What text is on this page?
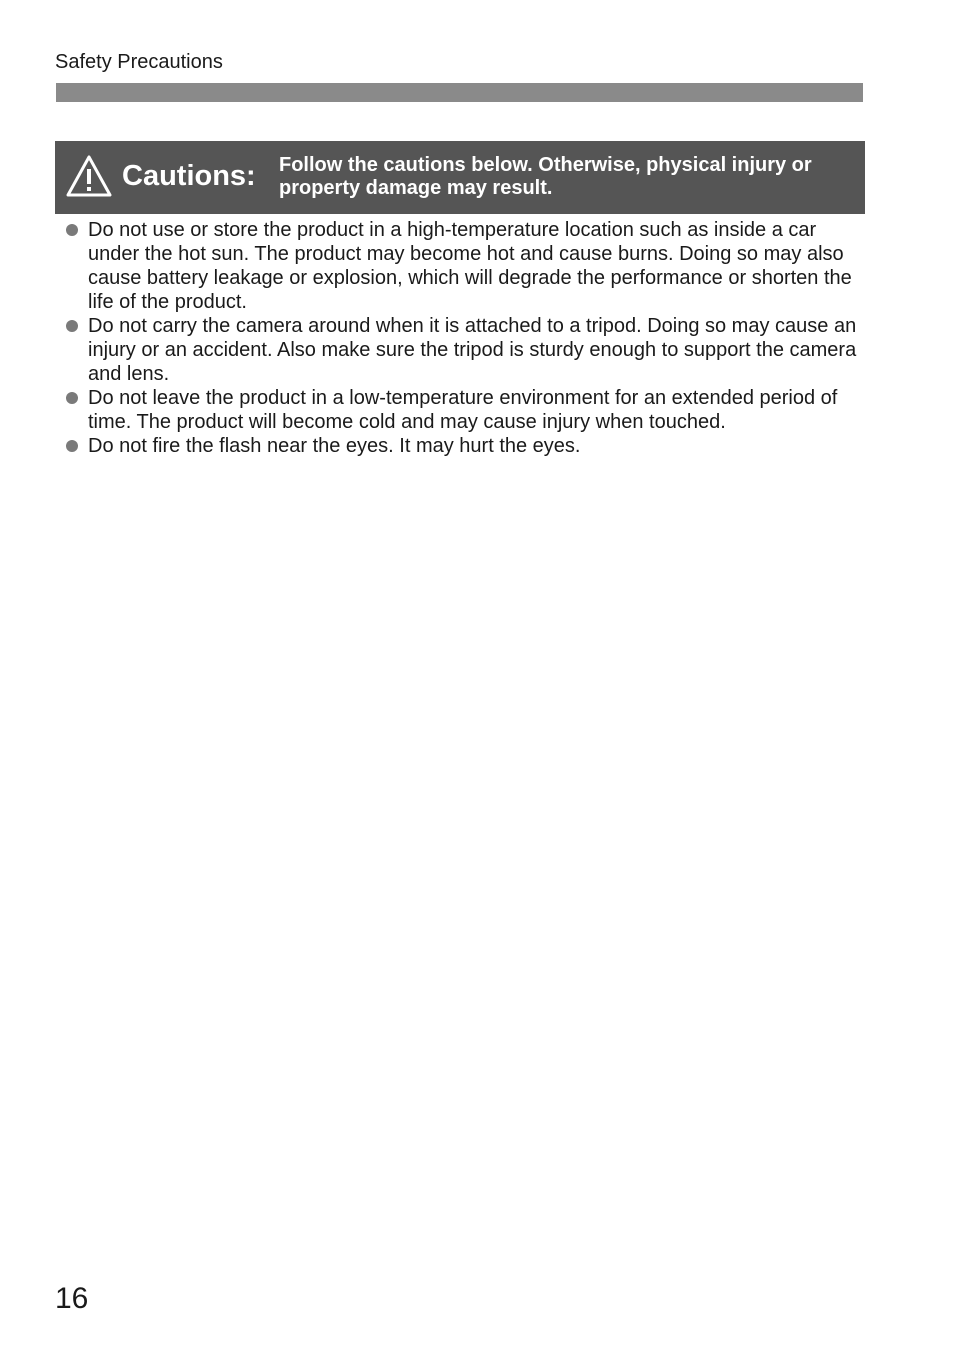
Safety Precautions
Cautions: Follow the cautions below. Otherwise, physical injury or property damage may result.
Do not use or store the product in a high-temperature location such as inside a car under the hot sun. The product may become hot and cause burns. Doing so may also cause battery leakage or explosion, which will degrade the performance or shorten the life of the product.
Do not carry the camera around when it is attached to a tripod. Doing so may cause an injury or an accident. Also make sure the tripod is sturdy enough to support the camera and lens.
Do not leave the product in a low-temperature environment for an extended period of time. The product will become cold and may cause injury when touched.
Do not fire the flash near the eyes. It may hurt the eyes.
16
